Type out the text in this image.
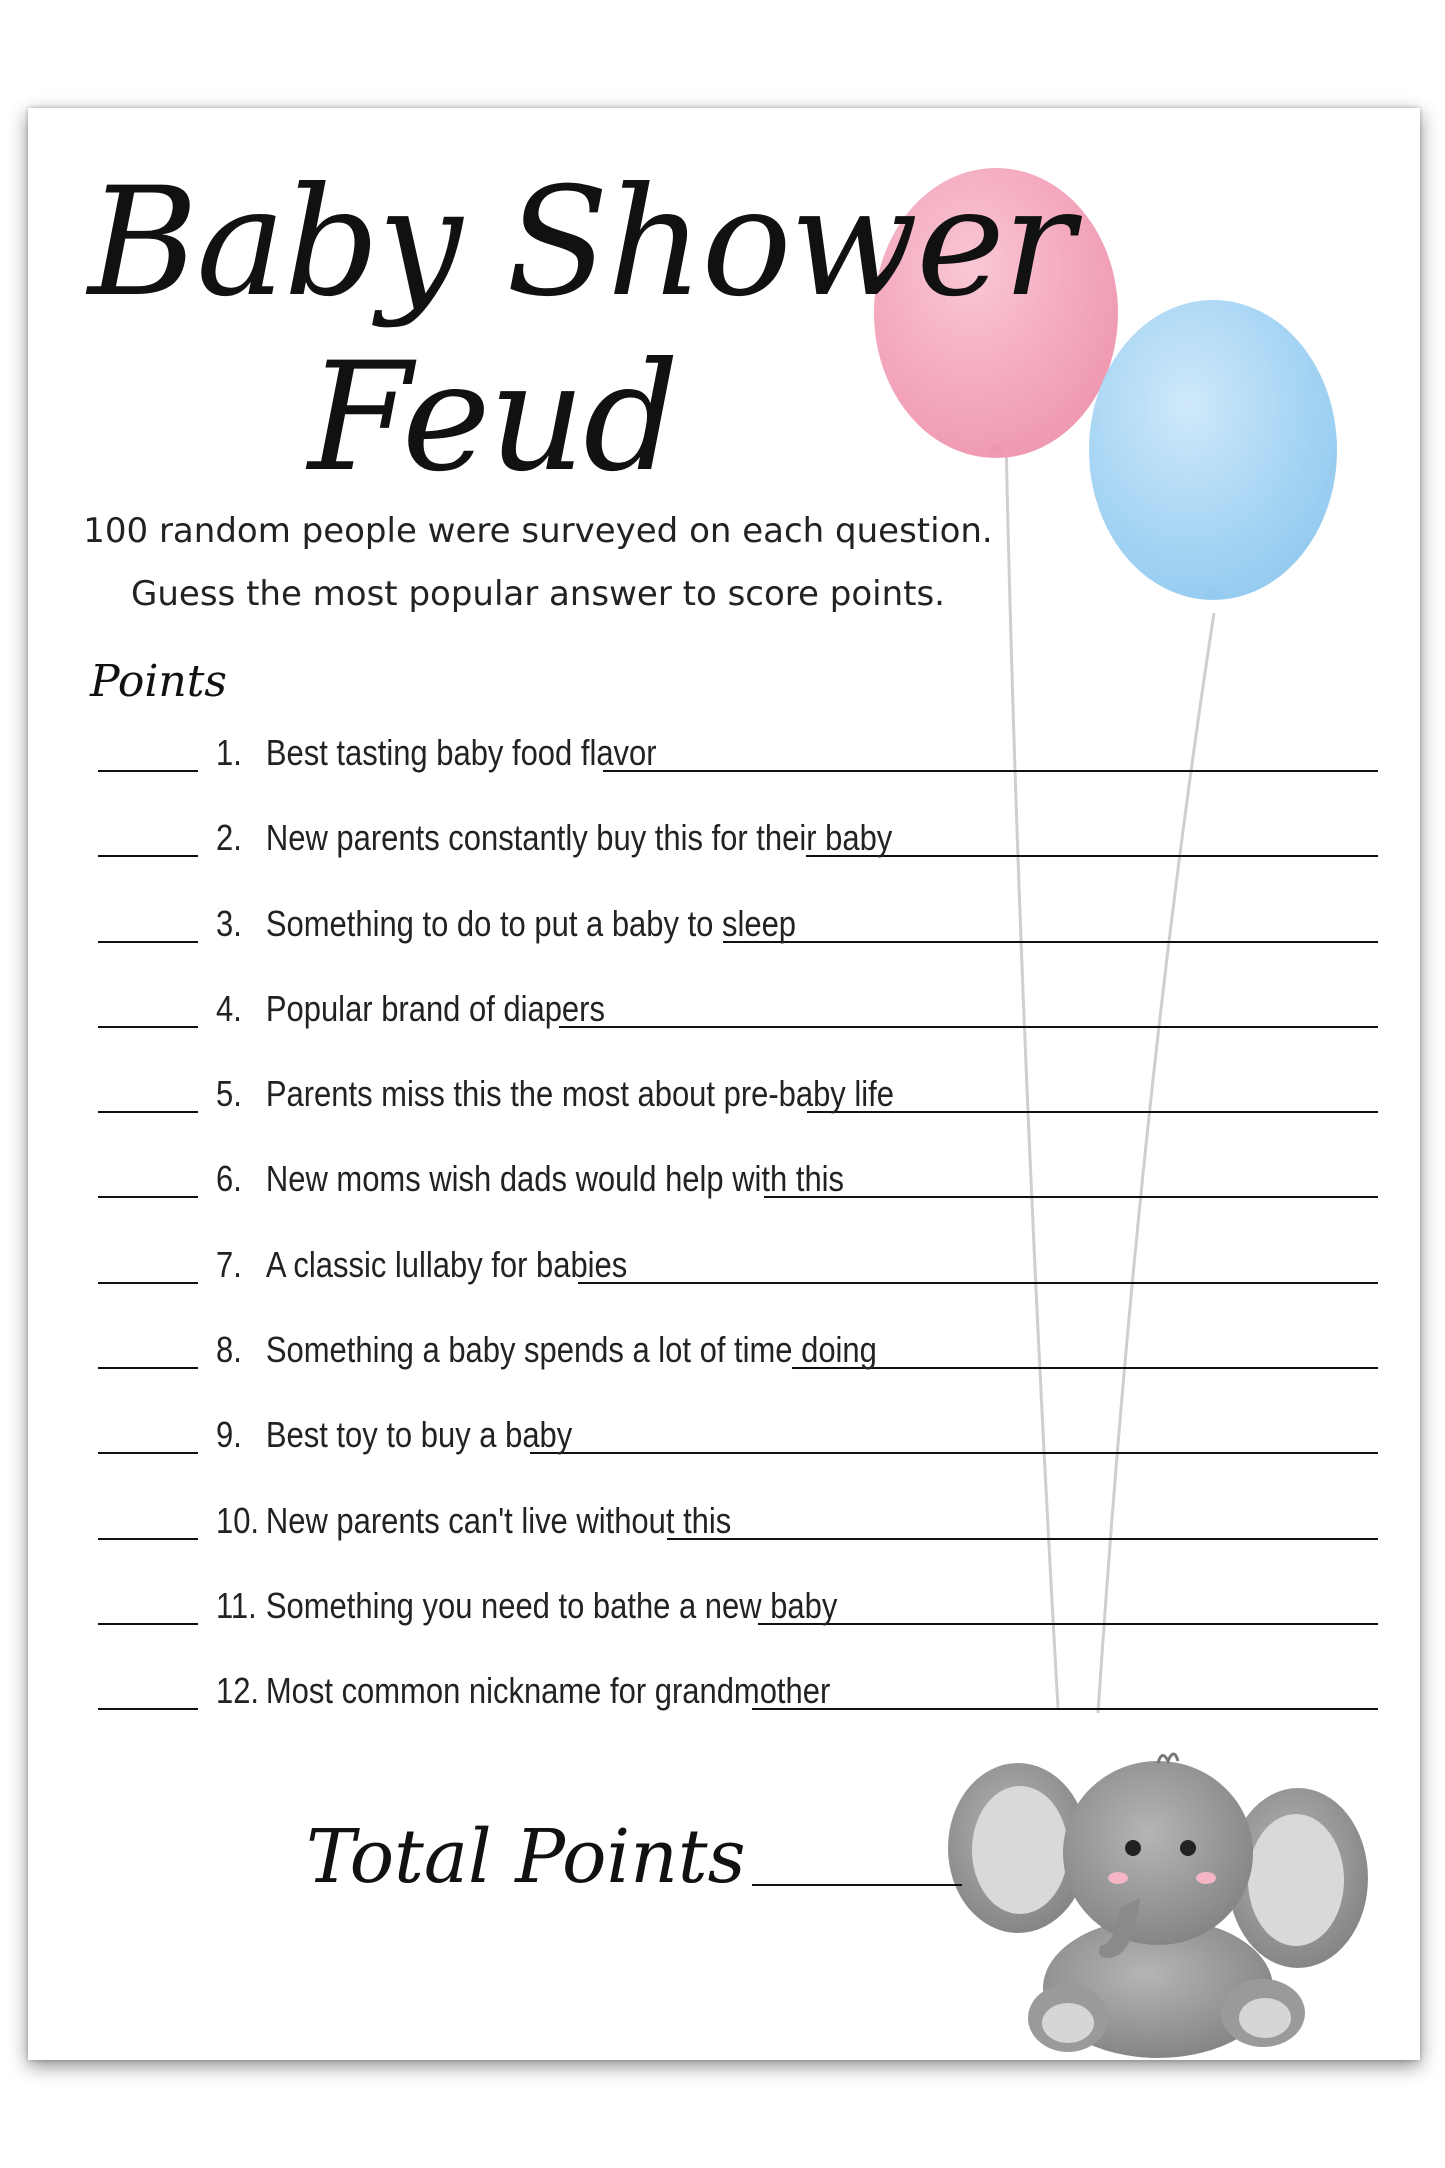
Baby Shower
Feud
100 random people were surveyed on each question.
Guess the most popular answer to score points.
Points
1. Best tasting baby food flavor
2. New parents constantly buy this for their baby
3. Something to do to put a baby to sleep
4. Popular brand of diapers
5. Parents miss this the most about pre-baby life
6. New moms wish dads would help with this
7. A classic lullaby for babies
8. Something a baby spends a lot of time doing
9. Best toy to buy a baby
10. New parents can't live without this
11. Something you need to bathe a new baby
12. Most common nickname for grandmother
Total Points
